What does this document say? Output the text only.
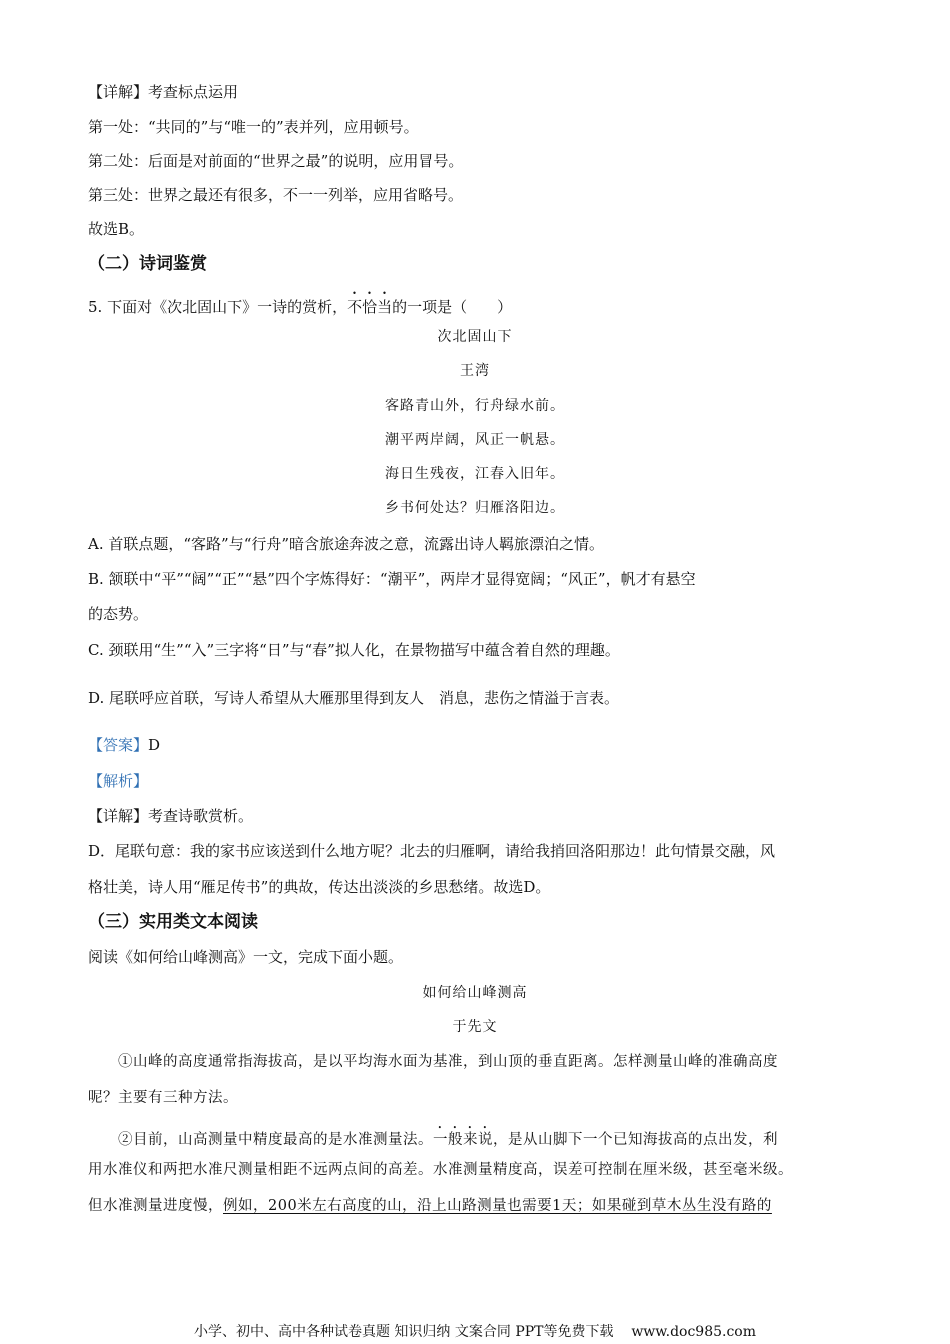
【详解】考查标点运用

第一处：“共同的”与“唯一的”表并列，应用顿号。

第二处：后面是对前面的“世界之最”的说明，应用冒号。

第三处：世界之最还有很多，不一一列举，应用省略号。

故选B。

（二）诗词鉴赏

5. 下面对《次北固山下》一诗的赏析，不恰当的一项是（　　）

次北固山下

王湾

客路青山外，行舟绿水前。

潮平两岸阔，风正一帆悬。

海日生残夜，江春入旧年。

乡书何处达？归雁洛阳边。

A. 首联点题，“客路”与“行舟”暗含旅途奔波之意，流露出诗人羁旅漂泊之情。

B. 颔联中“平”“阔”“正”“悬”四个字炼得好：“潮平”，两岸才显得宽阔；“风正”，帆才有悬空

的态势。

C. 颈联用“生”“入”三字将“日”与“春”拟人化，在景物描写中蕴含着自然的理趣。

D. 尾联呼应首联，写诗人希望从大雁那里得到友人　消息，悲伤之情溢于言表。

【答案】D

【解析】

【详解】考查诗歌赏析。

D．尾联句意：我的家书应该送到什么地方呢？北去的归雁啊，请给我捎回洛阳那边！此句情景交融，风

格壮美，诗人用“雁足传书”的典故，传达出淡淡的乡思愁绪。故选D。

（三）实用类文本阅读

阅读《如何给山峰测高》一文，完成下面小题。

如何给山峰测高

于先文

①山峰的高度通常指海拔高，是以平均海水面为基准，到山顶的垂直距离。怎样测量山峰的准确高度

呢？主要有三种方法。

②目前，山高测量中精度最高的是水准测量法。一般来说，是从山脚下一个已知海拔高的点出发，利

用水准仪和两把水准尺测量相距不远两点间的高差。水准测量精度高，误差可控制在厘米级，甚至毫米级。

但水准测量进度慢，例如，200米左右高度的山，沿上山路测量也需要1天；如果碰到草木丛生没有路的

小学、初中、高中各种试卷真题 知识归纳 文案合同 PPT等免费下载 www.doc985.com
